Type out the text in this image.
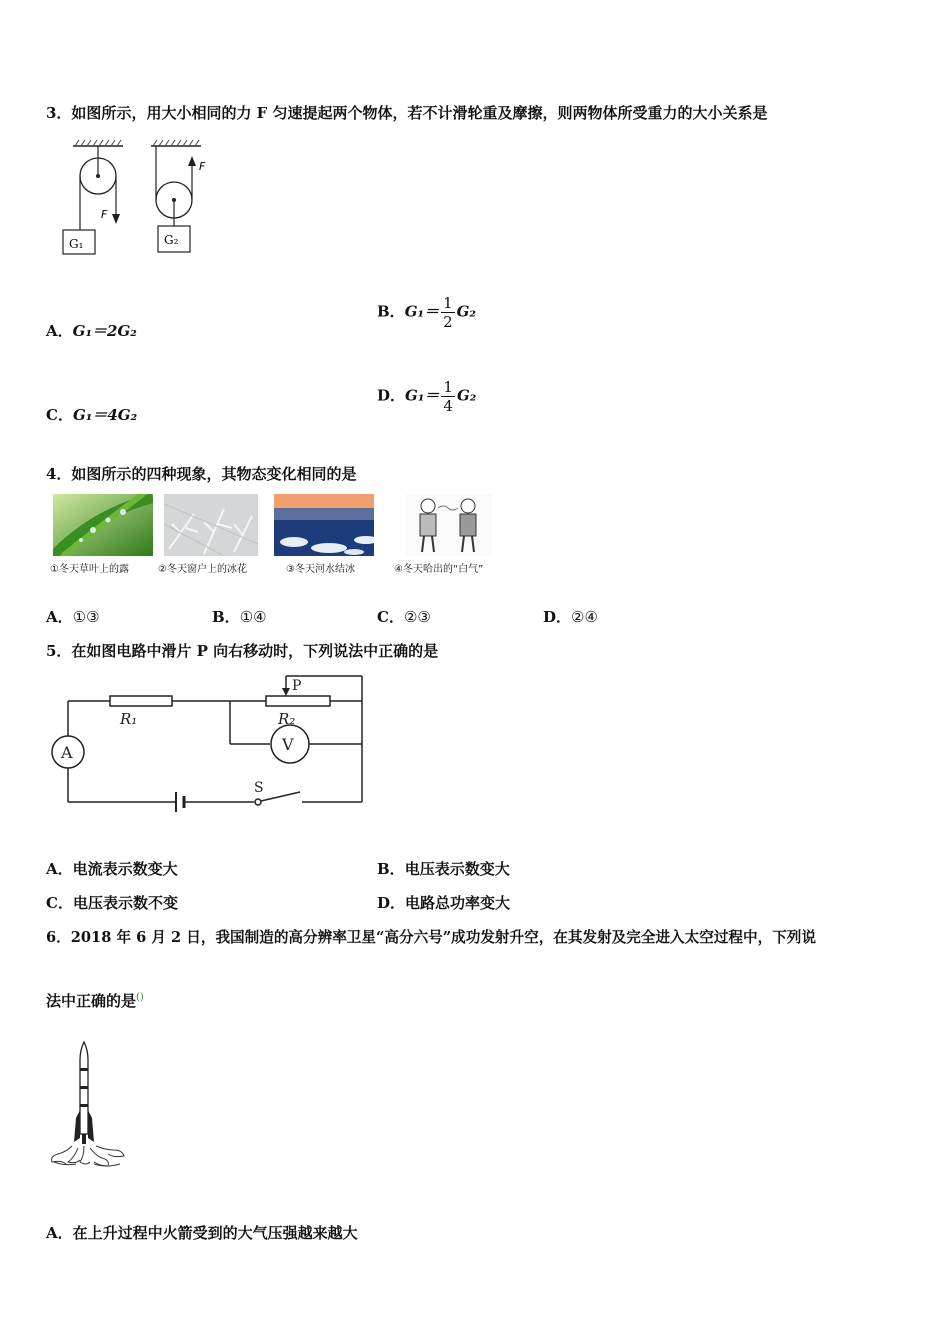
3．如图所示，用大小相同的力 F 匀速提起两个物体，若不计滑轮重及摩擦，则两物体所受重力的大小关系是
F
G₁
F
G₂
A．G₁＝2G₂
B．$G_1= \frac{1}{2} G_2$
C．G₁＝4G₂
D．$G_1= \frac{1}{4} G_2$
4．如图所示的四种现象，其物态变化相同的是
①冬天草叶上的露	②冬天窗户上的冰花	③冬天河水结冰	④冬天哈出的“白气”
A．①③	B．①④	C．②③	D．②④
5．在如图电路中滑片 P 向右移动时，下列说法中正确的是
R₁	R₂
P
A	V
S
A．电流表示数变大	B．电压表示数变大
C．电压表示数不变	D．电路总功率变大
6．2018 年 6 月 2 日，我国制造的高分辨率卫星“高分六号”成功发射升空，在其发射及完全进入太空过程中，下列说
法中正确的是()
A．在上升过程中火箭受到的大气压强越来越大
